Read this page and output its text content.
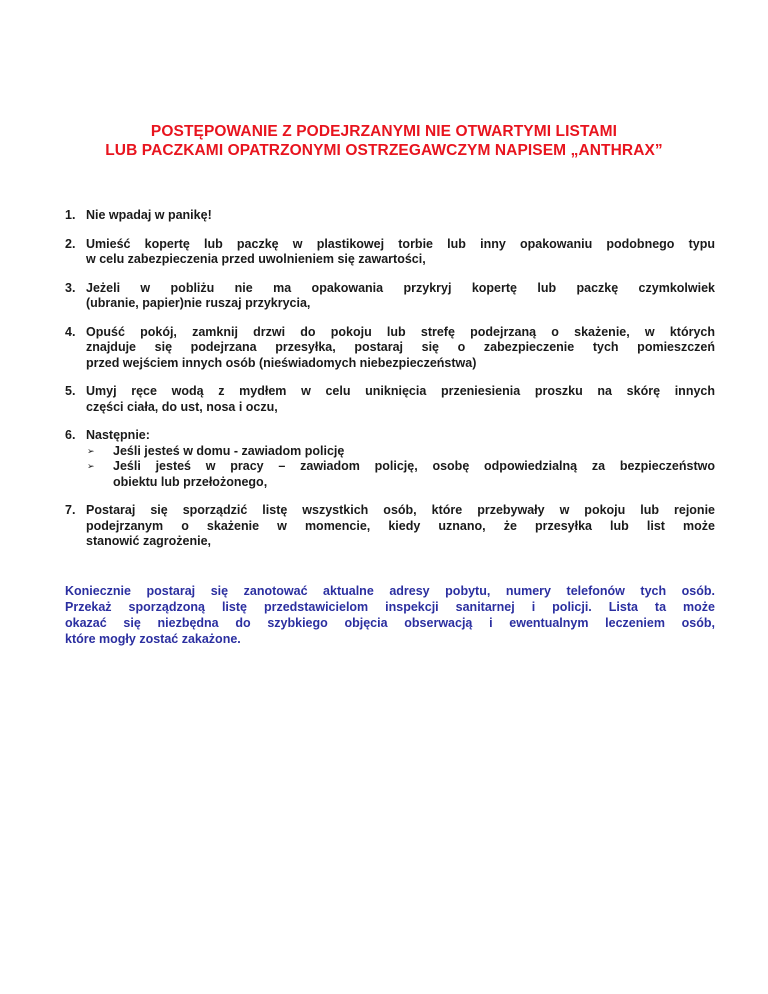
POSTĘPOWANIE Z PODEJRZANYMI NIE OTWARTYMI LISTAMI
LUB PACZKAMI OPATRZONYMI OSTRZEGAWCZYM NAPISEM „ANTHRAX”
1. Nie wpadaj w panikę!
2. Umieść kopertę lub paczkę w plastikowej torbie lub inny opakowaniu podobnego typu
w celu zabezpieczenia przed uwolnieniem się zawartości,
3. Jeżeli w pobliżu nie ma opakowania przykryj kopertę lub paczkę czymkolwiek
(ubranie, papier)nie ruszaj przykrycia,
4. Opuść pokój, zamknij drzwi do pokoju lub strefę podejrzaną o skażenie, w których
znajduje się podejrzana przesyłka, postaraj się o zabezpieczenie tych pomieszczeń
przed wejściem innych osób (nieświadomych niebezpieczeństwa)
5. Umyj ręce wodą z mydłem w celu uniknięcia przeniesienia proszku na skórę innych
części ciała, do ust, nosa i oczu,
6. Następnie:
➢ Jeśli jesteś w domu - zawiadom policję
➢ Jeśli jesteś w pracy – zawiadom policję, osobę odpowiedzialną za bezpieczeństwo
obiektu lub przełożonego,
7. Postaraj się sporządzić listę wszystkich osób, które przebywały w pokoju lub rejonie
podejrzanym o skażenie w momencie, kiedy uznano, że przesyłka lub list może
stanowić zagrożenie,
Koniecznie postaraj się zanotować aktualne adresy pobytu, numery telefonów tych osób.
Przekaż sporządzoną listę przedstawicielom inspekcji sanitarnej i policji. Lista ta może
okazać się niezbędna do szybkiego objęcia obserwacją i ewentualnym leczeniem osób,
które mogły zostać zakażone.
